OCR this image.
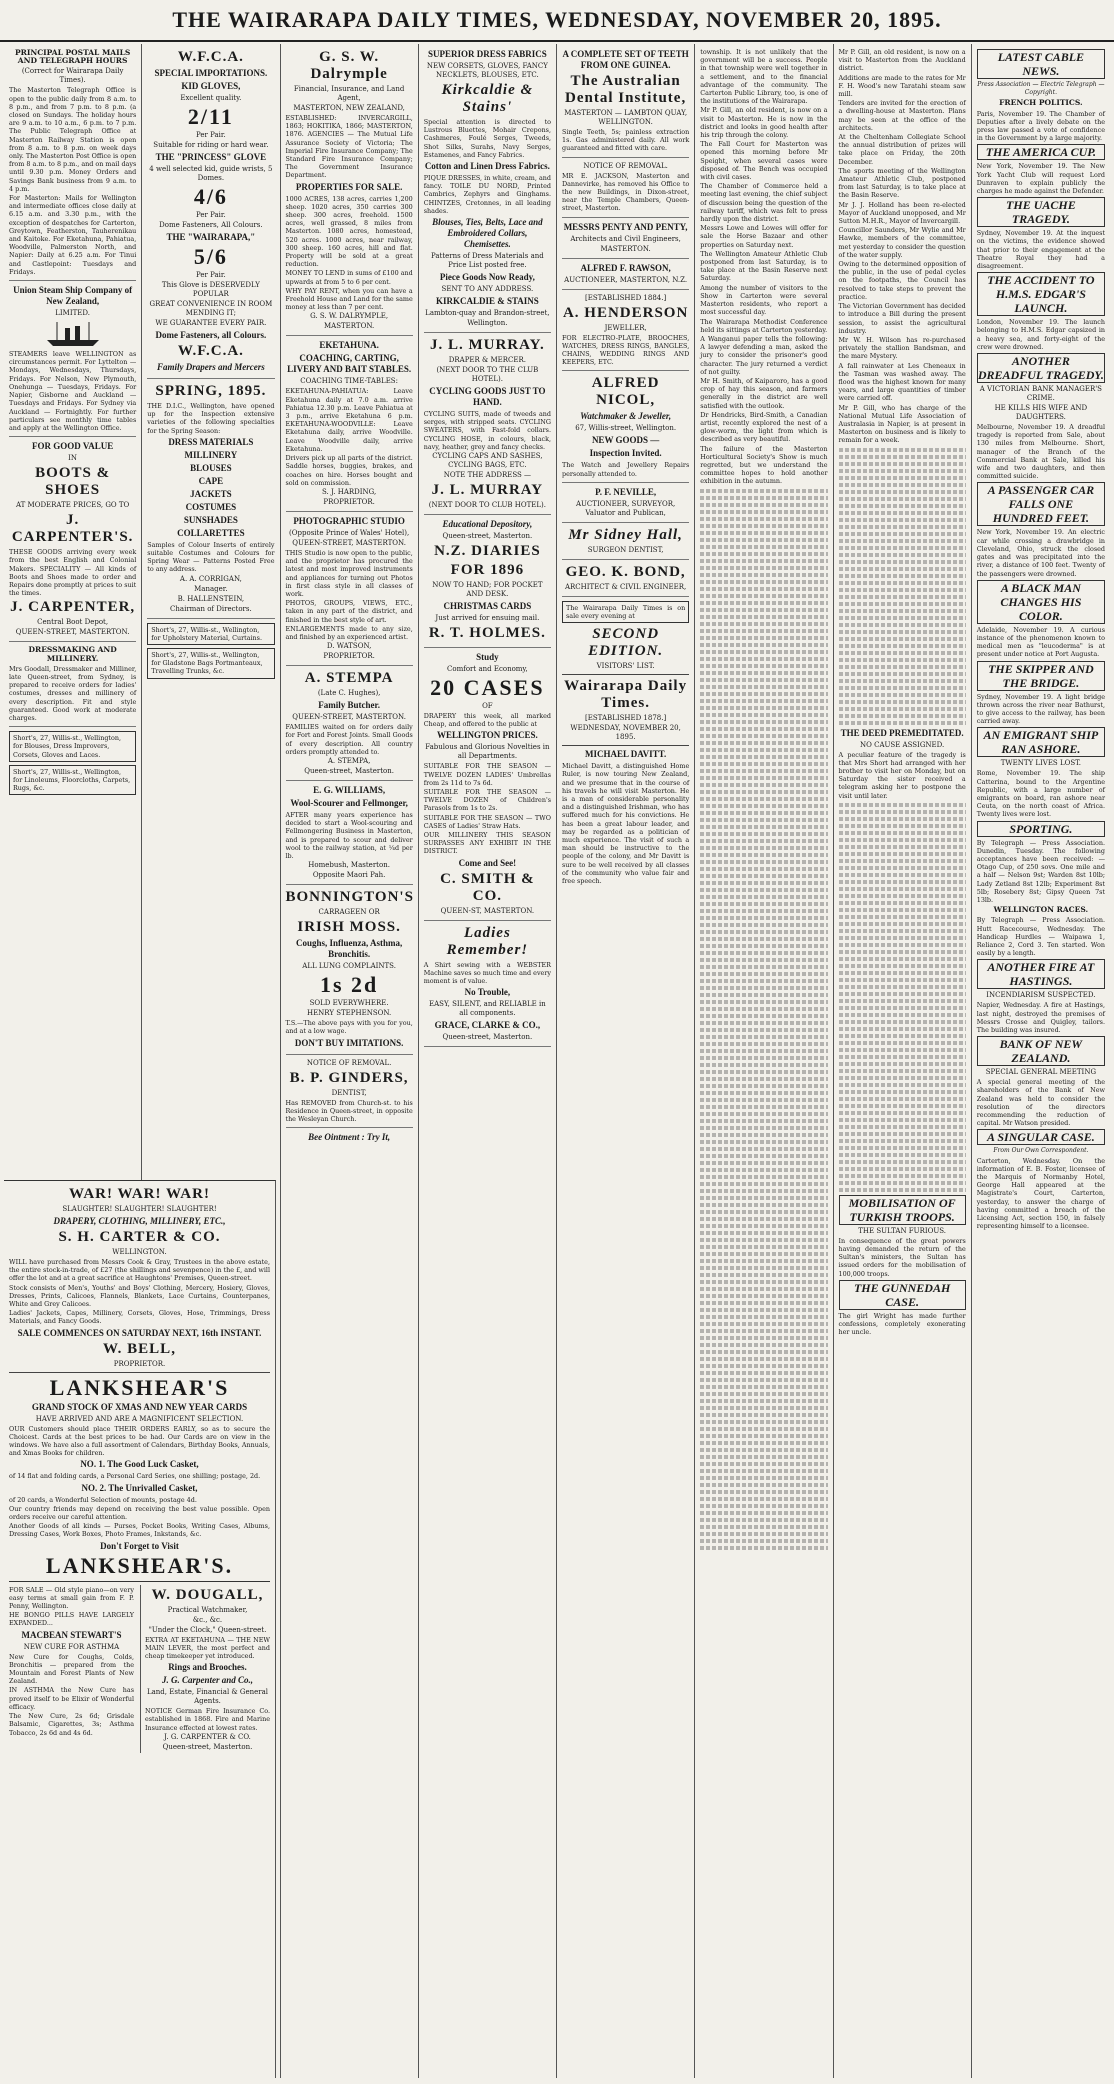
THE WAIRARAPA DAILY TIMES, WEDNESDAY, NOVEMBER 20, 1895.
PRINCIPAL POSTAL MAILS AND TELEGRAPH HOURS
(Correct for Wairarapa Daily Times).
The Masterton Telegraph Office is open to the public daily from 8 a.m. to 8 p.m., and from 7 p.m. to 8 p.m. (a closed on Sundays. The holiday hours are 9 a.m. to 10 a.m., 6 p.m. to 7 p.m. The Public Telegraph Office at Masterton Railway Station is open from 8 a.m. to 8 p.m. on week days only. The Masterton Post Office is open from 8 a.m. to 8 p.m., and on mail days until 9.30 p.m. Money Orders and Savings Bank business from 9 a.m. to 4 p.m.
For Masterton: Mails for Wellington and intermediate offices close daily at 6.15 a.m. and 3.30 p.m., with the exception of despatches for Carterton, Greytown, Featherston, Tauherenikau and Kaitoke. For Eketahuna, Pahiatua, Woodville, Palmerston North, and Napier: Daily at 6.25 a.m. For Tinui and Castlepoint: Tuesdays and Fridays.
Union Steam Ship Company of New Zealand,
LIMITED.
STEAMERS leave WELLINGTON as circumstances permit. For Lyttelton — Mondays, Wednesdays, Thursdays, Fridays. For Nelson, New Plymouth, Onehunga — Tuesdays, Fridays. For Napier, Gisborne and Auckland — Tuesdays and Fridays. For Sydney via Auckland — Fortnightly. For further particulars see monthly time tables and apply at the Wellington Office.
FOR GOOD VALUE
IN
BOOTS & SHOES
AT MODERATE PRICES, GO TO
J. CARPENTER'S.
THESE GOODS arriving every week from the best English and Colonial Makers. SPECIALITY — All kinds of Boots and Shoes made to order and Repairs done promptly at prices to suit the times.
J. CARPENTER,
Central Boot Depot,
QUEEN-STREET, MASTERTON.
DRESSMAKING AND MILLINERY.
Mrs Goodall, Dressmaker and Milliner, late Queen-street, from Sydney, is prepared to receive orders for ladies' costumes, dresses and millinery of every description. Fit and style guaranteed. Good work at moderate charges.
Short's, 27, Willis-st., Wellington, for Blouses, Dress Improvers, Corsets, Gloves and Laces.
Short's, 27, Willis-st., Wellington, for Linoleums, Floorcloths, Carpets, Rugs, &c.
W.F.C.A.
SPECIAL IMPORTATIONS.
KID GLOVES,
Excellent quality.
2/11
Per Pair.
Suitable for riding or hard wear.
THE "PRINCESS" GLOVE
4 well selected kid, guide wrists, 5 Domes.
4/6
Per Pair.
Dome Fasteners, All Colours.
THE "WAIRARAPA,"
5/6
Per Pair.
This Glove is DESERVEDLY POPULAR
GREAT CONVENIENCE IN ROOM MENDING IT;
WE GUARANTEE EVERY PAIR.
Dome Fasteners, all Colours.
W.F.C.A.
Family Drapers and Mercers
SPRING, 1895.
THE D.I.C., Wellington, have opened up for the Inspection extensive varieties of the following specialties for the Spring Season:
DRESS MATERIALS
MILLINERY
BLOUSES
CAPE
JACKETS
COSTUMES
SUNSHADES
COLLARETTES
Samples of Colour Inserts of entirely suitable Costumes and Colours for Spring Wear — Patterns Posted Free to any address.
A. A. CORRIGAN,
Manager.
B. HALLENSTEIN,
Chairman of Directors.
Short's, 27, Willis-st., Wellington, for Upholstery Material, Curtains.
Short's, 27, Willis-st., Wellington, for Gladstone Bags Portmanteaux, Travelling Trunks, &c.
G. S. W. Dalrymple
Financial, Insurance, and Land Agent,
MASTERTON, NEW ZEALAND,
ESTABLISHED: INVERCARGILL, 1863; HOKITIKA, 1866; MASTERTON, 1876. AGENCIES — The Mutual Life Assurance Society of Victoria; The Imperial Fire Insurance Company; The Standard Fire Insurance Company; The Government Insurance Department.
PROPERTIES FOR SALE.
1000 ACRES, 138 acres, carries 1,200 sheep. 1020 acres, 350 carries 300 sheep. 300 acres, freehold. 1500 acres, well grassed, 8 miles from Masterton. 1080 acres, homestead, 520 acres. 1000 acres, near railway, 300 sheep. 160 acres, hill and flat. Property will be sold at a great reduction.
MONEY TO LEND in sums of £100 and upwards at from 5 to 6 per cent.
WHY PAY RENT, when you can have a Freehold House and Land for the same money at less than 7 per cent.
G. S. W. DALRYMPLE,
MASTERTON.
EKETAHUNA.
COACHING, CARTING, LIVERY AND BAIT STABLES.
COACHING TIME-TABLES:
EKETAHUNA-PAHIATUA: Leave Eketahuna daily at 7.0 a.m. arrive Pahiatua 12.30 p.m. Leave Pahiatua at 3 p.m., arrive Eketahuna 6 p.m. EKETAHUNA-WOODVILLE: Leave Eketahuna daily, arrive Woodville. Leave Woodville daily, arrive Eketahuna.
Drivers pick up all parts of the district. Saddle horses, buggies, brakes, and coaches on hire. Horses bought and sold on commission.
S. J. HARDING,
PROPRIETOR.
PHOTOGRAPHIC STUDIO
(Opposite Prince of Wales' Hotel),
QUEEN-STREET, MASTERTON.
THIS Studio is now open to the public, and the proprietor has procured the latest and most improved instruments and appliances for turning out Photos in first class style in all classes of work.
PHOTOS, GROUPS, VIEWS, ETC., taken in any part of the district, and finished in the best style of art.
ENLARGEMENTS made to any size, and finished by an experienced artist.
D. WATSON,
PROPRIETOR.
A. STEMPA
(Late C. Hughes),
Family Butcher.
QUEEN-STREET, MASTERTON.
FAMILIES waited on for orders daily for Fort and Forest Joints. Small Goods of every description. All country orders promptly attended to.
A. STEMPA,
Queen-street, Masterton.
E. G. WILLIAMS,
Wool-Scourer and Fellmonger,
AFTER many years experience has decided to start a Wool-scouring and Fellmongering Business in Masterton, and is prepared to scour and deliver wool to the railway station, at ¼d per lb.
Homebush, Masterton.
Opposite Maori Pah.
BONNINGTON'S
CARRAGEEN OR
IRISH MOSS.
Coughs, Influenza, Asthma, Bronchitis.
ALL LUNG COMPLAINTS.
1s 2d
SOLD EVERYWHERE.
HENRY STEPHENSON.
T.S.—The above pays with you for you, and at a low wage.
DON'T BUY IMITATIONS.
NOTICE OF REMOVAL.
B. P. GINDERS,
DENTIST,
Has REMOVED from Church-st. to his Residence in Queen-street, in opposite the Wesleyan Church.
Bee Ointment : Try It,
SUPERIOR DRESS FABRICS
NEW CORSETS, GLOVES, FANCY NECKLETS, BLOUSES, ETC.
Kirkcaldie & Stains'
Special attention is directed to Lustrous Bluettes, Mohair Crepons, Cashmeres, Foulé Serges, Tweeds, Shot Silks, Surahs, Navy Serges, Estamenes, and Fancy Fabrics.
Cotton and Linen Dress Fabrics.
PIQUE DRESSES, in white, cream, and fancy. TOILE DU NORD, Printed Cambrics, Zephyrs and Ginghams. CHINTZES, Cretonnes, in all leading shades.
Blouses, Ties, Belts, Lace and Embroidered Collars, Chemisettes.
Patterns of Dress Materials and Price List posted free.
Piece Goods Now Ready,
SENT TO ANY ADDRESS.
KIRKCALDIE & STAINS
Lambton-quay and Brandon-street,
Wellington.
J. L. MURRAY.
DRAPER & MERCER.
(NEXT DOOR TO THE CLUB HOTEL).
CYCLING GOODS JUST TO HAND.
CYCLING SUITS, made of tweeds and serges, with stripped seats. CYCLING SWEATERS, with Fast-fold collars. CYCLING HOSE, in colours, black, navy, heather, grey and fancy checks.
CYCLING CAPS AND SASHES, CYCLING BAGS, ETC.
NOTE THE ADDRESS —
J. L. MURRAY
(NEXT DOOR TO CLUB HOTEL).
Educational Depository,
Queen-street, Masterton.
N.Z. DIARIES
FOR 1896
NOW TO HAND; FOR POCKET AND DESK.
CHRISTMAS CARDS
Just arrived for ensuing mail.
R. T. HOLMES.
Study
Comfort and Economy,
20 CASES
OF
DRAPERY this week, all marked Cheap, and offered to the public at
WELLINGTON PRICES.
Fabulous and Glorious Novelties in all Departments.
SUITABLE FOR THE SEASON — TWELVE DOZEN LADIES' Umbrellas from 2s 11d to 7s 6d.
SUITABLE FOR THE SEASON — TWELVE DOZEN of Children's Parasols from 1s to 2s.
SUITABLE FOR THE SEASON — TWO CASES of Ladies' Straw Hats.
OUR MILLINERY THIS SEASON SURPASSES ANY EXHIBIT IN THE DISTRICT.
Come and See!
C. SMITH & CO.
QUEEN-ST, MASTERTON.
Ladies Remember!
A Shirt sewing with a WEBSTER Machine saves so much time and every moment is of value.
No Trouble,
EASY, SILENT, and RELIABLE in all components.
GRACE, CLARKE & CO.,
Queen-street, Masterton.
A COMPLETE SET OF TEETH FROM ONE GUINEA.
The Australian Dental Institute,
MASTERTON — LAMBTON QUAY, WELLINGTON.
Single Teeth, 5s; painless extraction 1s. Gas administered daily. All work guaranteed and fitted with care.
NOTICE OF REMOVAL.
MR E. JACKSON, Masterton and Dannevirke, has removed his Office to the new Buildings, in Dixon-street, near the Temple Chambers, Queen-street, Masterton.
MESSRS PENTY AND PENTY,
Architects and Civil Engineers,
MASTERTON.
ALFRED F. RAWSON,
AUCTIONEER, MASTERTON, N.Z.
[ESTABLISHED 1884.]
A. HENDERSON
JEWELLER,
FOR ELECTRO-PLATE, BROOCHES, WATCHES, DRESS RINGS, BANGLES, CHAINS, WEDDING RINGS AND KEEPERS, ETC.
ALFRED NICOL,
Watchmaker & Jeweller,
67, Willis-street, Wellington.
NEW GOODS —
Inspection Invited.
The Watch and Jewellery Repairs personally attended to.
P. F. NEVILLE,
AUCTIONEER, SURVEYOR, Valuator and Publican,
Mr Sidney Hall,
SURGEON DENTIST,
GEO. K. BOND,
ARCHITECT & CIVIL ENGINEER,
The Wairarapa Daily Times is on sale every evening at
SECOND EDITION.
VISITORS' LIST.
Wairarapa Daily Times.
[ESTABLISHED 1878.]
WEDNESDAY, NOVEMBER 20, 1895.
MICHAEL DAVITT.
Michael Davitt, a distinguished Home Ruler, is now touring New Zealand, and we presume that in the course of his travels he will visit Masterton. He is a man of considerable personality and a distinguished Irishman, who has suffered much for his convictions. He has been a great labour leader, and may be regarded as a politician of much experience. The visit of such a man should be instructive to the people of the colony, and Mr Davitt is sure to be well received by all classes of the community who value fair and free speech.
township. It is not unlikely that the government will be a success. People in that township were well together in a settlement, and to the financial advantage of the community. The Carterton Public Library, too, is one of the institutions of the Wairarapa.
Mr P. Gill, an old resident, is now on a visit to Masterton. He is now in the district and looks in good health after his trip through the colony.
The Fall Court for Masterton was opened this morning before Mr Speight, when several cases were disposed of. The Bench was occupied with civil cases.
The Chamber of Commerce held a meeting last evening, the chief subject of discussion being the question of the railway tariff, which was felt to press hardly upon the district.
Messrs Lowe and Lowes will offer for sale the Horse Bazaar and other properties on Saturday next.
The Wellington Amateur Athletic Club postponed from last Saturday, is to take place at the Basin Reserve next Saturday.
Among the number of visitors to the Show in Carterton were several Masterton residents, who report a most successful day.
The Wairarapa Methodist Conference held its sittings at Carterton yesterday.
A Wanganui paper tells the following: A lawyer defending a man, asked the jury to consider the prisoner's good character. The jury returned a verdict of not guilty.
Mr H. Smith, of Kaiparoro, has a good crop of hay this season, and farmers generally in the district are well satisfied with the outlook.
Dr Hendricks, Bird-Smith, a Canadian artist, recently explored the nest of a glow-worm, the light from which is described as very beautiful.
The failure of the Masterton Horticultural Society's Show is much regretted, but we understand the committee hopes to hold another exhibition in the autumn.
Mr P. Gill, an old resident, is now on a visit to Masterton from the Auckland district.
Additions are made to the rates for Mr F. H. Wood's new Taratahi steam saw mill.
Tenders are invited for the erection of a dwelling-house at Masterton. Plans may be seen at the office of the architects.
At the Cheltenham Collegiate School the annual distribution of prizes will take place on Friday, the 20th December.
The sports meeting of the Wellington Amateur Athletic Club, postponed from last Saturday, is to take place at the Basin Reserve.
Mr J. J. Holland has been re-elected Mayor of Auckland unopposed, and Mr Sutton M.H.R., Mayor of Invercargill.
Councillor Saunders, Mr Wylie and Mr Hawke, members of the committee, met yesterday to consider the question of the water supply.
Owing to the determined opposition of the public, in the use of pedal cycles on the footpaths, the Council has resolved to take steps to prevent the practice.
The Victorian Government has decided to introduce a Bill during the present session, to assist the agricultural industry.
Mr W. H. Wilson has re-purchased privately the stallion Bandsman, and the mare Mystery.
A fall rainwater at Les Cheneaux in the Tasman was washed away. The flood was the highest known for many years, and large quantities of timber were carried off.
Mr P. Gill, who has charge of the National Mutual Life Association of Australasia in Napier, is at present in Masterton on business and is likely to remain for a week.
THE DEED PREMEDITATED.
NO CAUSE ASSIGNED.
A peculiar feature of the tragedy is that Mrs Short had arranged with her brother to visit her on Monday, but on Saturday the sister received a telegram asking her to postpone the visit until later.
MOBILISATION OF TURKISH TROOPS.
THE SULTAN FURIOUS.
In consequence of the great powers having demanded the return of the Sultan's ministers, the Sultan has issued orders for the mobilisation of 100,000 troops.
THE GUNNEDAH CASE.
The girl Wright has made further confessions, completely exonerating her uncle.
LATEST CABLE NEWS.
Press Association — Electric Telegraph — Copyright.
FRENCH POLITICS.
Paris, November 19. The Chamber of Deputies after a lively debate on the press law passed a vote of confidence in the Government by a large majority.
THE AMERICA CUP.
New York, November 19. The New York Yacht Club will request Lord Dunraven to explain publicly the charges he made against the Defender.
THE UACHE TRAGEDY.
Sydney, November 19. At the inquest on the victims, the evidence showed that prior to their engagement at the Theatre Royal they had a disagreement.
THE ACCIDENT TO H.M.S. EDGAR'S LAUNCH.
London, November 19. The launch belonging to H.M.S. Edgar capsized in a heavy sea, and forty-eight of the crew were drowned.
ANOTHER DREADFUL TRAGEDY.
A VICTORIAN BANK MANAGER'S CRIME.
HE KILLS HIS WIFE AND DAUGHTERS.
Melbourne, November 19. A dreadful tragedy is reported from Sale, about 130 miles from Melbourne. Short, manager of the Branch of the Commercial Bank at Sale, killed his wife and two daughters, and then committed suicide.
A PASSENGER CAR FALLS ONE HUNDRED FEET.
New York, November 19. An electric car while crossing a drawbridge in Cleveland, Ohio, struck the closed gates and was precipitated into the river, a distance of 100 feet. Twenty of the passengers were drowned.
A BLACK MAN CHANGES HIS COLOR.
Adelaide, November 19. A curious instance of the phenomenon known to medical men as "leucoderma" is at present under notice at Port Augusta.
THE SKIPPER AND THE BRIDGE.
Sydney, November 19. A light bridge thrown across the river near Bathurst, to give access to the railway, has been carried away.
AN EMIGRANT SHIP RAN ASHORE.
TWENTY LIVES LOST.
Rome, November 19. The ship Catterina, bound to the Argentine Republic, with a large number of emigrants on board, ran ashore near Ceuta, on the north coast of Africa. Twenty lives were lost.
SPORTING.
By Telegraph — Press Association. Dunedin, Tuesday. The following acceptances have been received: — Otago Cup, of 250 sovs. One mile and a half — Nelson 9st; Warden 8st 10lb; Lady Zetland 8st 12lb; Experiment 8st 5lb; Rosebery 8st; Gipsy Queen 7st 13lb.
WELLINGTON RACES.
By Telegraph — Press Association. Hutt Racecourse, Wednesday. The Handicap Hurdles — Waipawa 1, Reliance 2, Cord 3. Ten started. Won easily by a length.
ANOTHER FIRE AT HASTINGS.
INCENDIARISM SUSPECTED.
Napier, Wednesday. A fire at Hastings, last night, destroyed the premises of Messrs Crosse and Quigley, tailors. The building was insured.
BANK OF NEW ZEALAND.
SPECIAL GENERAL MEETING
A special general meeting of the shareholders of the Bank of New Zealand was held to consider the resolution of the directors recommending the reduction of capital. Mr Watson presided.
A SINGULAR CASE.
From Our Own Correspondent.
Carterton, Wednesday. On the information of E. B. Foster, licensee of the Marquis of Normanby Hotel, George Hall appeared at the Magistrate's Court, Carterton, yesterday, to answer the charge of having committed a breach of the Licensing Act, section 150, in falsely representing himself to a licensee.
WAR! WAR! WAR!
SLAUGHTER! SLAUGHTER! SLAUGHTER!
DRAPERY, CLOTHING, MILLINERY, ETC.,
S. H. CARTER & CO.
WELLINGTON.
WILL have purchased from Messrs Cook & Gray, Trustees in the above estate, the entire stock-in-trade, of £27 (the shillings and sevenpence) in the £, and will offer the lot and at a great sacrifice at Haughtons' Premises, Queen-street.
Stock consists of Men's, Youths' and Boys' Clothing, Mercery, Hosiery, Gloves, Dresses, Prints, Calicoes, Flannels, Blankets, Lace Curtains, Counterpanes, White and Grey Calicoes.
Ladies' Jackets, Capes, Millinery, Corsets, Gloves, Hose, Trimmings, Dress Materials, and Fancy Goods.
SALE COMMENCES ON SATURDAY NEXT, 16th INSTANT.
W. BELL,
PROPRIETOR.
LANKSHEAR'S
GRAND STOCK OF XMAS AND NEW YEAR CARDS
HAVE ARRIVED AND ARE A MAGNIFICENT SELECTION.
OUR Customers should place THEIR ORDERS EARLY, so as to secure the Choicest. Cards at the best prices to be had. Our Cards are on view in the windows. We have also a full assortment of Calendars, Birthday Books, Annuals, and Xmas Books for children.
NO. 1. The Good Luck Casket,
of 14 flat and folding cards, a Personal Card Series, one shilling; postage, 2d.
NO. 2. The Unrivalled Casket,
of 20 cards, a Wonderful Selection of mounts, postage 4d.
Our country friends may depend on receiving the best value possible. Open orders receive our careful attention.
Another Goods of all kinds — Purses, Pocket Books, Writing Cases, Albums, Dressing Cases, Work Boxes, Photo Frames, Inkstands, &c.
Don't Forget to Visit
LANKSHEAR'S.
FOR SALE — Old style piano—on very easy terms at small gain from F. P. Penny, Wellington.
HE BONGO PILLS HAVE LARGELY EXPANDED...
MACBEAN STEWART'S
NEW CURE FOR ASTHMA
New Cure for Coughs, Colds, Bronchitis — prepared from the Mountain and Forest Plants of New Zealand.
IN ASTHMA the New Cure has proved itself to be Elixir of Wonderful efficacy.
The New Cure, 2s 6d; Grisdale Balsamic, Cigarettes, 3s; Asthma Tobacco, 2s 6d and 4s 6d.
W. DOUGALL,
Practical Watchmaker,
&c., &c.
"Under the Clock," Queen-street.
EXTRA AT EKETAHUNA — THE NEW MAIN LEVER, the most perfect and cheap timekeeper yet introduced.
Rings and Brooches.
J. G. Carpenter and Co.,
Land, Estate, Financial & General Agents.
NOTICE German Fire Insurance Co. established in 1868. Fire and Marine Insurance effected at lowest rates.
J. G. CARPENTER & CO.
Queen-street, Masterton.
